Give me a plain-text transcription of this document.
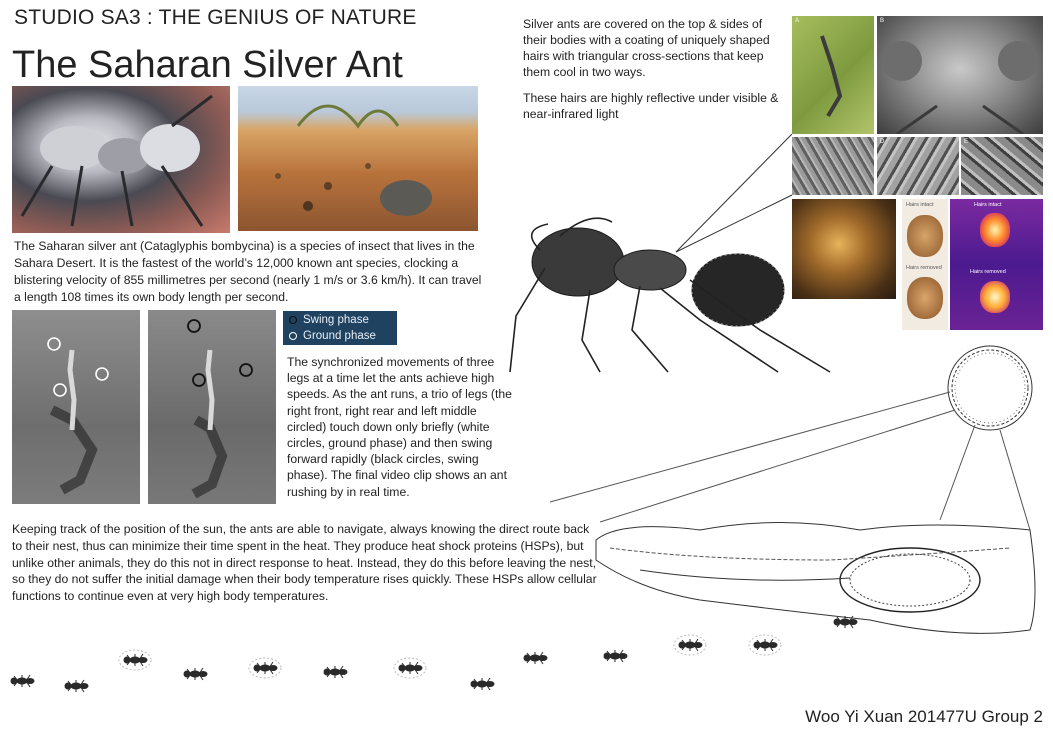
STUDIO SA3 : THE GENIUS OF NATURE
The Saharan Silver Ant

The Saharan silver ant (Cataglyphis bombycina) is a species of insect that lives in the Sahara Desert. It is the fastest of the world’s 12,000 known ant species, clocking a blistering velocity of 855 millimetres per second (nearly 1 m/s or 3.6 km/h). It can travel a length 108 times its own body length per second.

Swing phase
Ground phase

The synchronized movements of three legs at a time let the ants achieve high speeds. As the ant runs, a trio of legs (the right front, right rear and left middle circled) touch down only briefly (white circles, ground phase) and then swing forward rapidly (black circles, swing phase). The final video clip shows an ant rushing by in real time.

Keeping track of the position of the sun, the ants are able to navigate, always knowing the direct route back to their nest, thus can minimize their time spent in the heat. They produce heat shock proteins (HSPs), but unlike other animals, they do this not in direct response to heat. Instead, they do this before leaving the nest, so they do not suffer the initial damage when their body temperature rises quickly. These HSPs allow cellular functions to continue even at very high body temperatures.

Silver ants are covered on the top & sides of their bodies with a coating of uniquely shaped hairs with triangular cross-sections that keep them cool in two ways.

These hairs are highly reflective under visible & near-infrared light

A	B
D	E
Hairs intact
Hairs removed
Hairs intact
Hairs removed
Woo Yi Xuan 201477U Group 2
